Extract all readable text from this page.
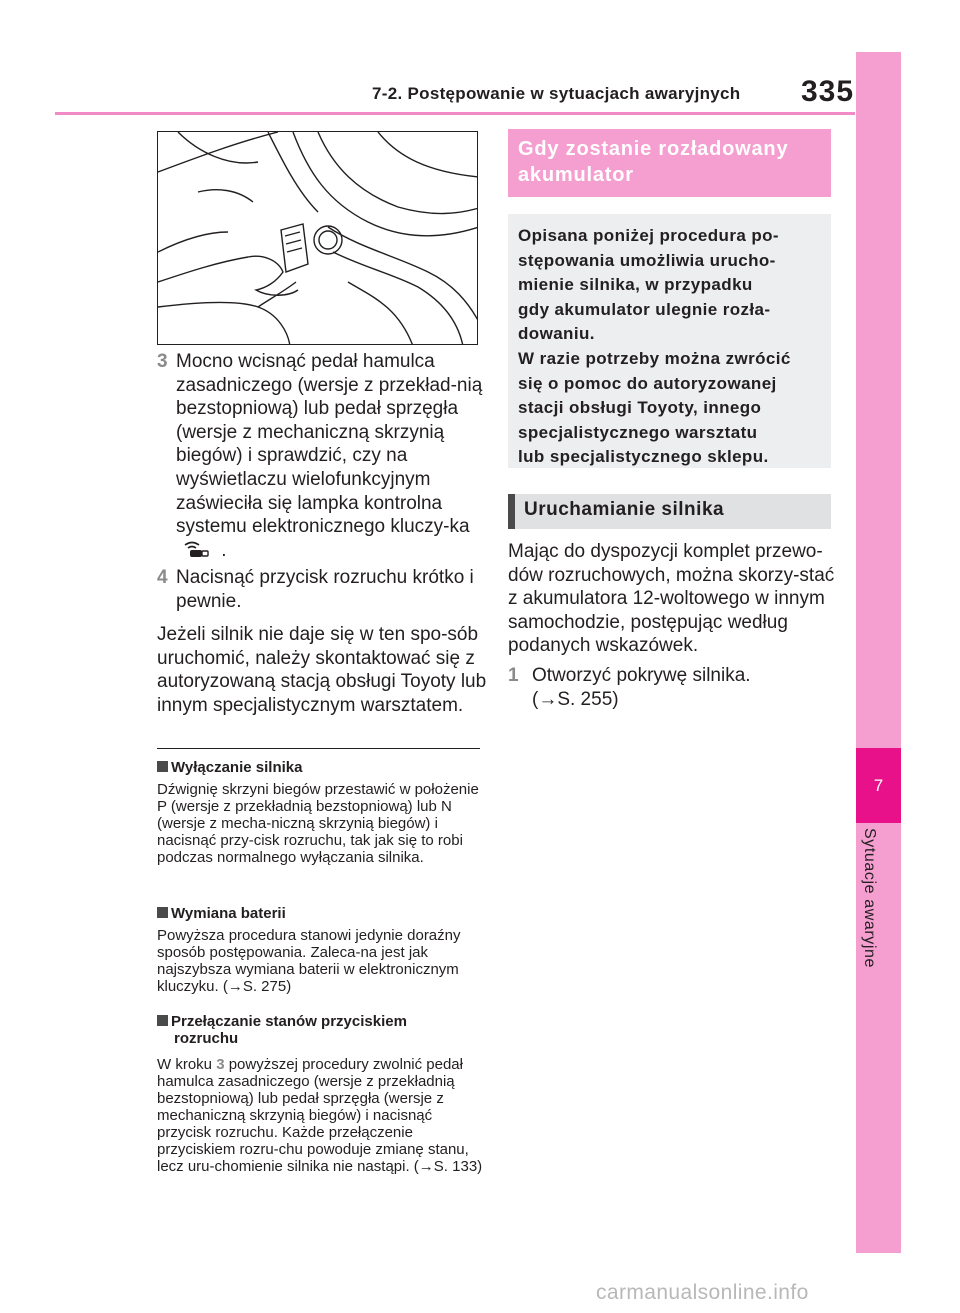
7-2. Postępowanie w sytuacjach awaryjnych 335
7
Sytuacje awaryjne
3 Mocno wcisnąć pedał hamulca zasadniczego (wersje z przekład-nią bezstopniową) lub pedał sprzęgła (wersje z mechaniczną skrzynią biegów) i sprawdzić, czy na wyświetlaczu wielofunkcyjnym zaświeciła się lampka kontrolna systemu elektronicznego kluczy-ka  .
4 Nacisnąć przycisk rozruchu krótko i pewnie.
Jeżeli silnik nie daje się w ten spo-sób uruchomić, należy skontaktować się z autoryzowaną stacją obsługi Toyoty lub innym specjalistycznym warsztatem.
Wyłączanie silnika
Dźwignię skrzyni biegów przestawić w położenie P (wersje z przekładnią bezstopniową) lub N (wersje z mecha-niczną skrzynią biegów) i nacisnąć przy-cisk rozruchu, tak jak się to robi podczas normalnego wyłączania silnika.
Wymiana baterii
Powyższa procedura stanowi jedynie doraźny sposób postępowania. Zaleca-na jest jak najszybsza wymiana baterii w elektronicznym kluczyku. (→S. 275)
Przełączanie stanów przyciskiem
rozruchu
W kroku 3 powyższej procedury zwolnić pedał hamulca zasadniczego (wersje z przekładnią bezstopniową) lub pedał sprzęgła (wersje z mechaniczną skrzynią biegów) i nacisnąć przycisk rozruchu. Każde przełączenie przyciskiem rozru-chu powoduje zmianę stanu, lecz uru-chomienie silnika nie nastąpi. (→S. 133)
Gdy zostanie rozładowany akumulator
Opisana poniżej procedura po-
stępowania umożliwia urucho-
mienie silnika, w przypadku
gdy akumulator ulegnie rozła-
dowaniu.
W razie potrzeby można zwrócić
się o pomoc do autoryzowanej
stacji obsługi Toyoty, innego
specjalistycznego warsztatu
lub specjalistycznego sklepu.
Uruchamianie silnika
Mając do dyspozycji komplet przewo-dów rozruchowych, można skorzy-stać z akumulatora 12-woltowego w innym samochodzie, postępując według podanych wskazówek.
1 Otworzyć pokrywę silnika.
(→S. 255)
carmanualsonline.info
